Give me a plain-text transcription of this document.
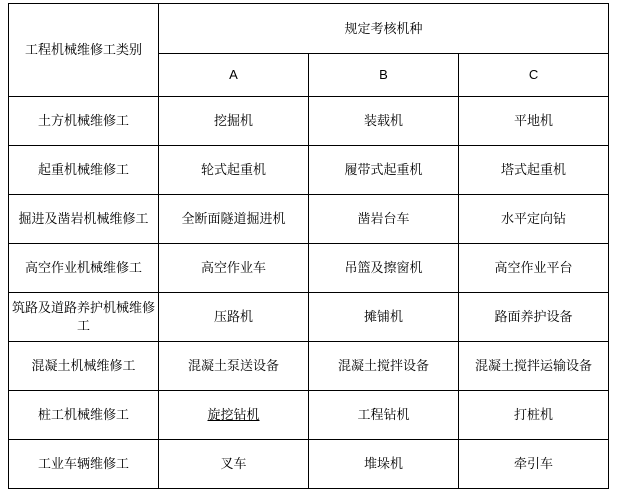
工程机械维修工类别	规定考核机种		
	A	B	C
土方机械维修工	挖掘机	装载机	平地机
起重机械维修工	轮式起重机	履带式起重机	塔式起重机
掘进及凿岩机械维修工	全断面隧道掘进机	凿岩台车	水平定向钻
高空作业机械维修工	高空作业车	吊篮及擦窗机	高空作业平台
筑路及道路养护机械维修工	压路机	摊铺机	路面养护设备
混凝土机械维修工	混凝土泵送设备	混凝土搅拌设备	混凝土搅拌运输设备
桩工机械维修工	旋挖钻机	工程钻机	打桩机
工业车辆维修工	叉车	堆垛机	牵引车
